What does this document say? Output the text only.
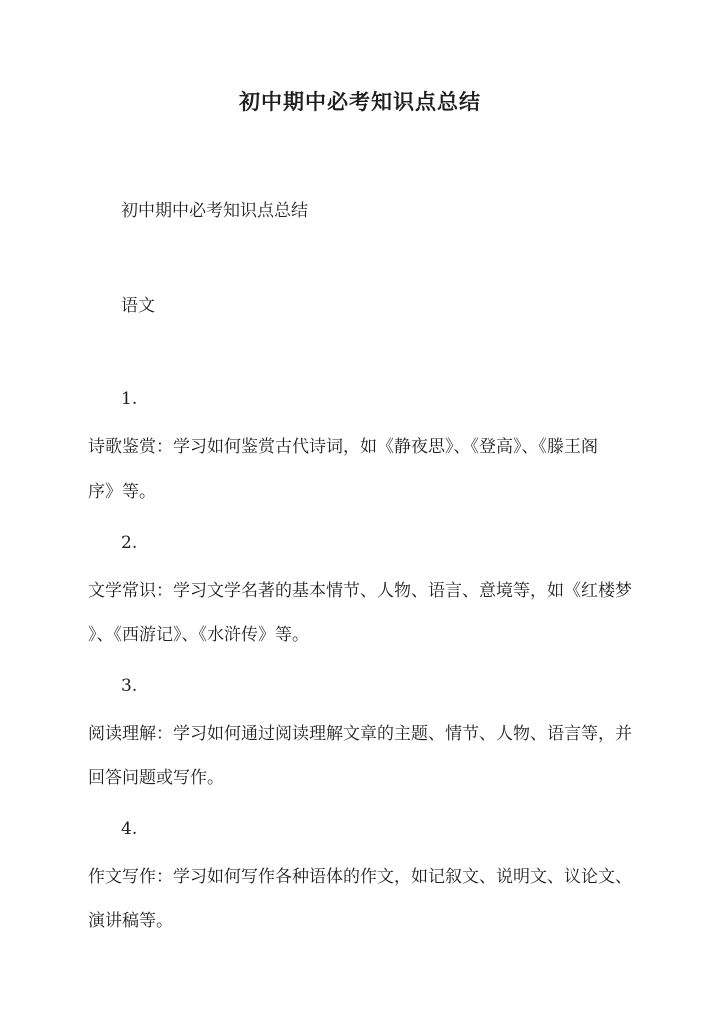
初中期中必考知识点总结
初中期中必考知识点总结
语文
1.
诗歌鉴赏：学习如何鉴赏古代诗词，如《静夜思》、《登高》、《滕王阁
序》等。
2.
文学常识：学习文学名著的基本情节、人物、语言、意境等，如《红楼梦
》、《西游记》、《水浒传》等。
3.
阅读理解：学习如何通过阅读理解文章的主题、情节、人物、语言等，并
回答问题或写作。
4.
作文写作：学习如何写作各种语体的作文，如记叙文、说明文、议论文、
演讲稿等。
